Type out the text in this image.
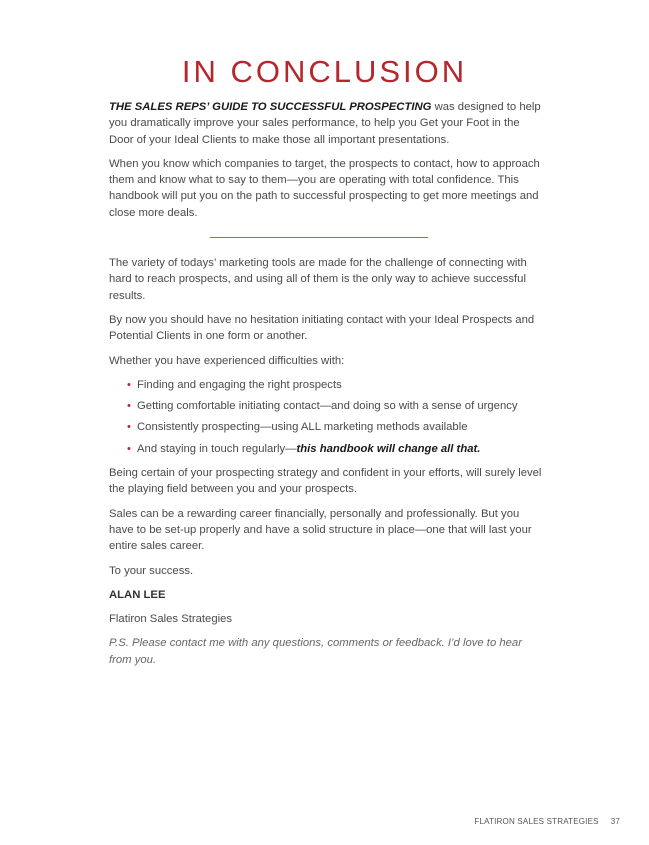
IN CONCLUSION

THE SALES REPS’ GUIDE TO SUCCESSFUL PROSPECTING was designed to help you dramatically improve your sales performance, to help you Get your Foot in the Door of your Ideal Clients to make those all important presentations.

When you know which companies to target, the prospects to contact, how to approach them and know what to say to them—you are operating with total confidence. This handbook will put you on the path to successful prospecting to get more meetings and close more deals.

The variety of todays’ marketing tools are made for the challenge of connecting with hard to reach prospects, and using all of them is the only way to achieve successful results.

By now you should have no hesitation initiating contact with your Ideal Prospects and Potential Clients in one form or another.

Whether you have experienced difficulties with:

• Finding and engaging the right prospects
• Getting comfortable initiating contact—and doing so with a sense of urgency
• Consistently prospecting—using ALL marketing methods available
• And staying in touch regularly—this handbook will change all that.

Being certain of your prospecting strategy and confident in your efforts, will surely level the playing field between you and your prospects.

Sales can be a rewarding career financially, personally and professionally. But you have to be set-up properly and have a solid structure in place—one that will last your entire sales career.

To your success.

ALAN LEE

Flatiron Sales Strategies

P.S. Please contact me with any questions, comments or feedback. I’d love to hear from you.

FLATIRON SALES STRATEGIES 37
